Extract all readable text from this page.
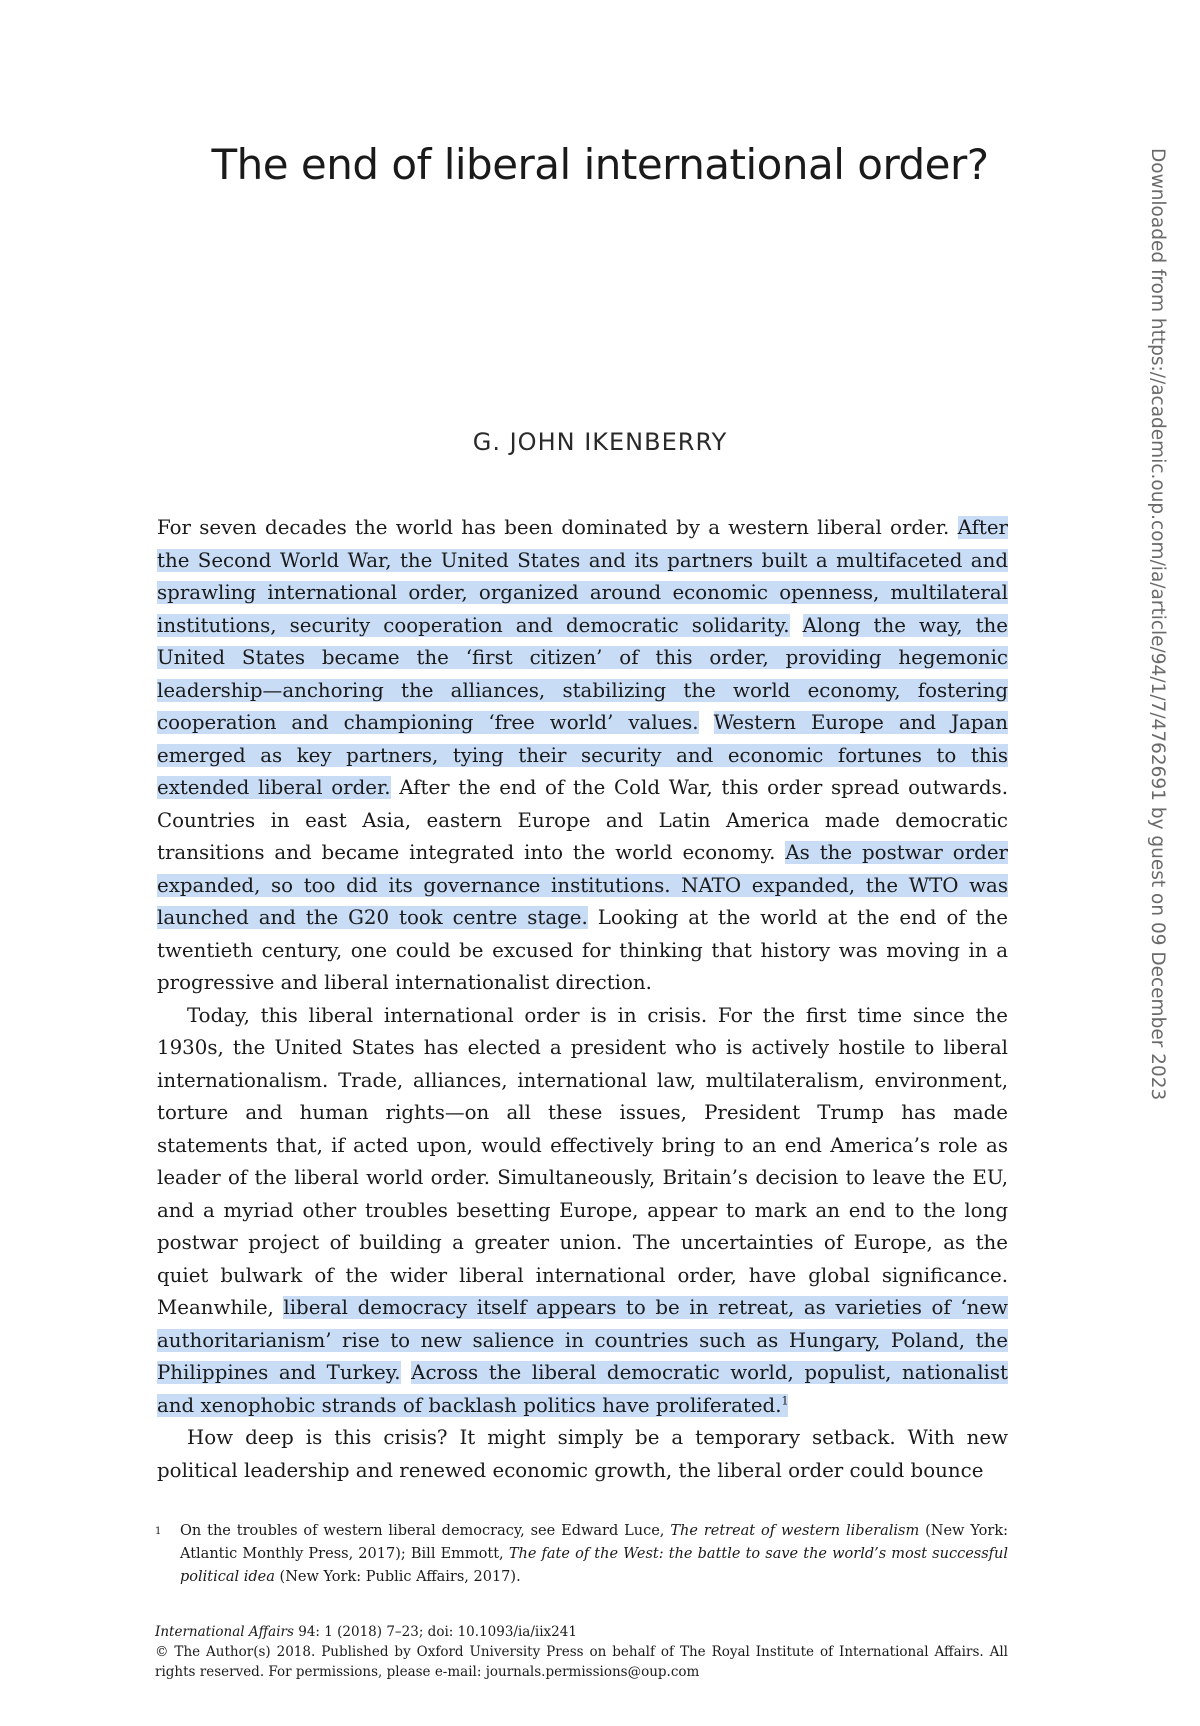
The end of liberal international order?
G. JOHN IKENBERRY	Downloaded from https://academic.oup.com/ia/article/94/1/7/4762691 by guest on 09 December 2023

For seven decades the world has been dominated by a western liberal order. After the Second World War, the United States and its partners built a multifaceted and sprawling international order, organized around economic openness, multilateral institutions, security cooperation and democratic solidarity. Along the way, the United States became the ‘first citizen’ of this order, providing hegemonic leadership—anchoring the alliances, stabilizing the world economy, fostering cooperation and championing ‘free world’ values. Western Europe and Japan emerged as key partners, tying their security and economic fortunes to this extended liberal order. After the end of the Cold War, this order spread outwards. Countries in east Asia, eastern Europe and Latin America made democratic transitions and became integrated into the world economy. As the postwar order expanded, so too did its governance institutions. NATO expanded, the WTO was launched and the G20 took centre stage. Looking at the world at the end of the twentieth century, one could be excused for thinking that history was moving in a progressive and liberal internationalist direction.

Today, this liberal international order is in crisis. For the first time since the 1930s, the United States has elected a president who is actively hostile to liberal internationalism. Trade, alliances, international law, multilateralism, environment, torture and human rights—on all these issues, President Trump has made statements that, if acted upon, would effectively bring to an end America’s role as leader of the liberal world order. Simultaneously, Britain’s decision to leave the EU, and a myriad other troubles besetting Europe, appear to mark an end to the long postwar project of building a greater union. The uncertainties of Europe, as the quiet bulwark of the wider liberal international order, have global significance. Meanwhile, liberal democracy itself appears to be in retreat, as varieties of ‘new authoritarianism’ rise to new salience in countries such as Hungary, Poland, the Philippines and Turkey. Across the liberal democratic world, populist, nationalist and xenophobic strands of backlash politics have proliferated.$^1$

How deep is this crisis? It might simply be a temporary setback. With new political leadership and renewed economic growth, the liberal order could bounce

1 On the troubles of western liberal democracy, see Edward Luce, The retreat of western liberalism (New York: Atlantic Monthly Press, 2017); Bill Emmott, The fate of the West: the battle to save the world’s most successful political idea (New York: Public Affairs, 2017).
International Affairs 94: 1 (2018) 7–23; doi: 10.1093/ia/iix241
© The Author(s) 2018. Published by Oxford University Press on behalf of The Royal Institute of International Affairs. All rights reserved. For permissions, please e-mail: journals.permissions@oup.com
